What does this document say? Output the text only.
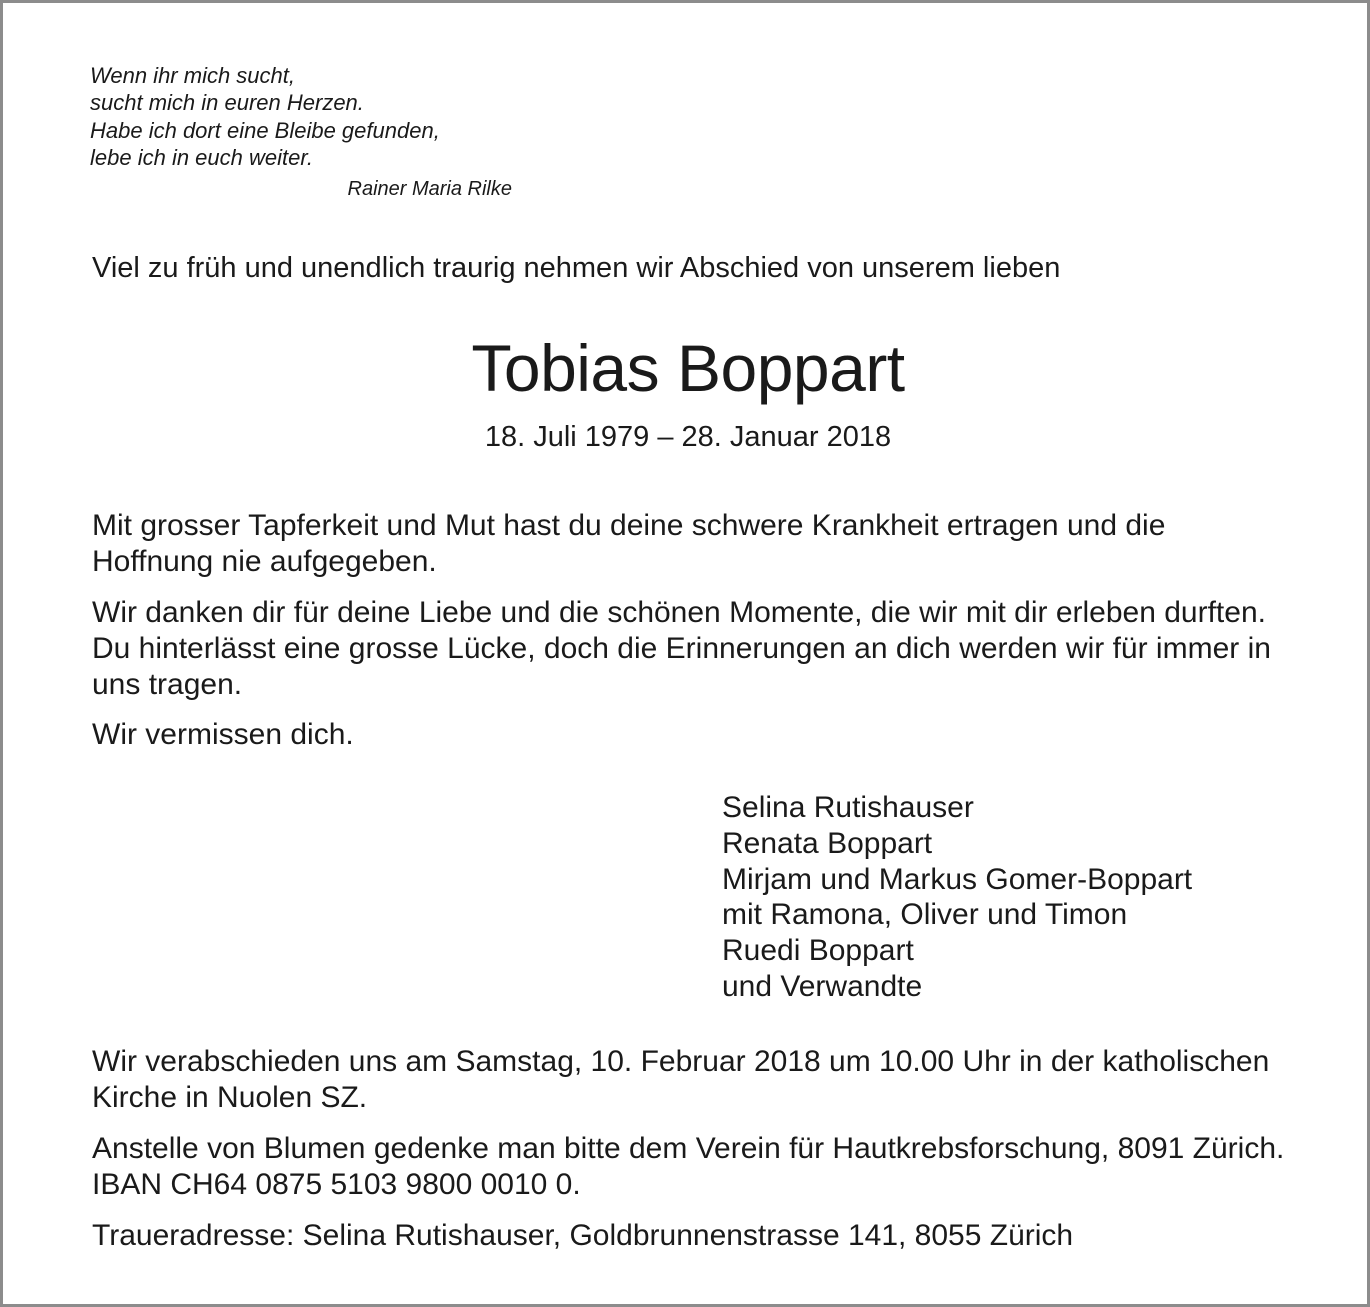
Wenn ihr mich sucht,
sucht mich in euren Herzen.
Habe ich dort eine Bleibe gefunden,
lebe ich in euch weiter.
Rainer Maria Rilke

Viel zu früh und unendlich traurig nehmen wir Abschied von unserem lieben

Tobias Boppart

18. Juli 1979 – 28. Januar 2018

Mit grosser Tapferkeit und Mut hast du deine schwere Krankheit ertragen und die Hoffnung nie aufgegeben.

Wir danken dir für deine Liebe und die schönen Momente, die wir mit dir erleben durften. Du hinterlässt eine grosse Lücke, doch die Erinnerungen an dich werden wir für immer in uns tragen.

Wir vermissen dich.

Selina Rutishauser
Renata Boppart
Mirjam und Markus Gomer-Boppart
mit Ramona, Oliver und Timon
Ruedi Boppart
und Verwandte

Wir verabschieden uns am Samstag, 10. Februar 2018 um 10.00 Uhr in der katholischen Kirche in Nuolen SZ.

Anstelle von Blumen gedenke man bitte dem Verein für Hautkrebsforschung, 8091 Zürich. IBAN CH64 0875 5103 9800 0010 0.

Traueradresse: Selina Rutishauser, Goldbrunnenstrasse 141, 8055 Zürich
